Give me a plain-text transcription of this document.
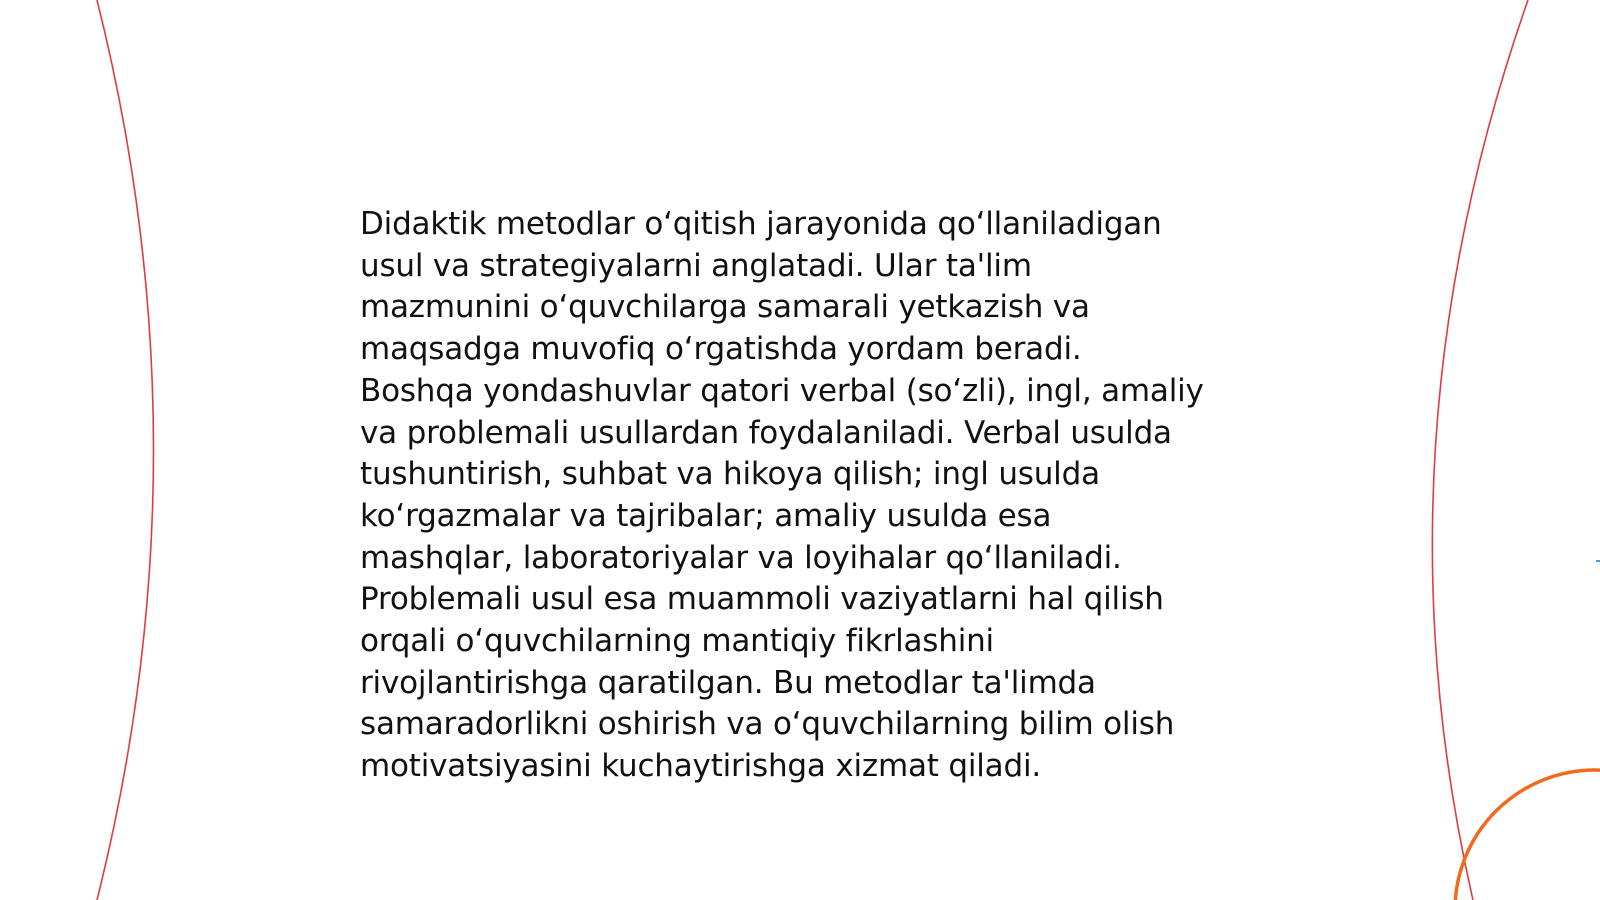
Didaktik metodlar oʻqitish jarayonida qoʻllaniladigan
usul va strategiyalarni anglatadi. Ular ta'lim
mazmunini oʻquvchilarga samarali yetkazish va
maqsadga muvofiq oʻrgatishda yordam beradi.
Boshqa yondashuvlar qatori verbal (soʻzli), ingl, amaliy
va problemali usullardan foydalaniladi. Verbal usulda
tushuntirish, suhbat va hikoya qilish; ingl usulda
koʻrgazmalar va tajribalar; amaliy usulda esa
mashqlar, laboratoriyalar va loyihalar qoʻllaniladi.
Problemali usul esa muammoli vaziyatlarni hal qilish
orqali oʻquvchilarning mantiqiy fikrlashini
rivojlantirishga qaratilgan. Bu metodlar ta'limda
samaradorlikni oshirish va oʻquvchilarning bilim olish
motivatsiyasini kuchaytirishga xizmat qiladi.
